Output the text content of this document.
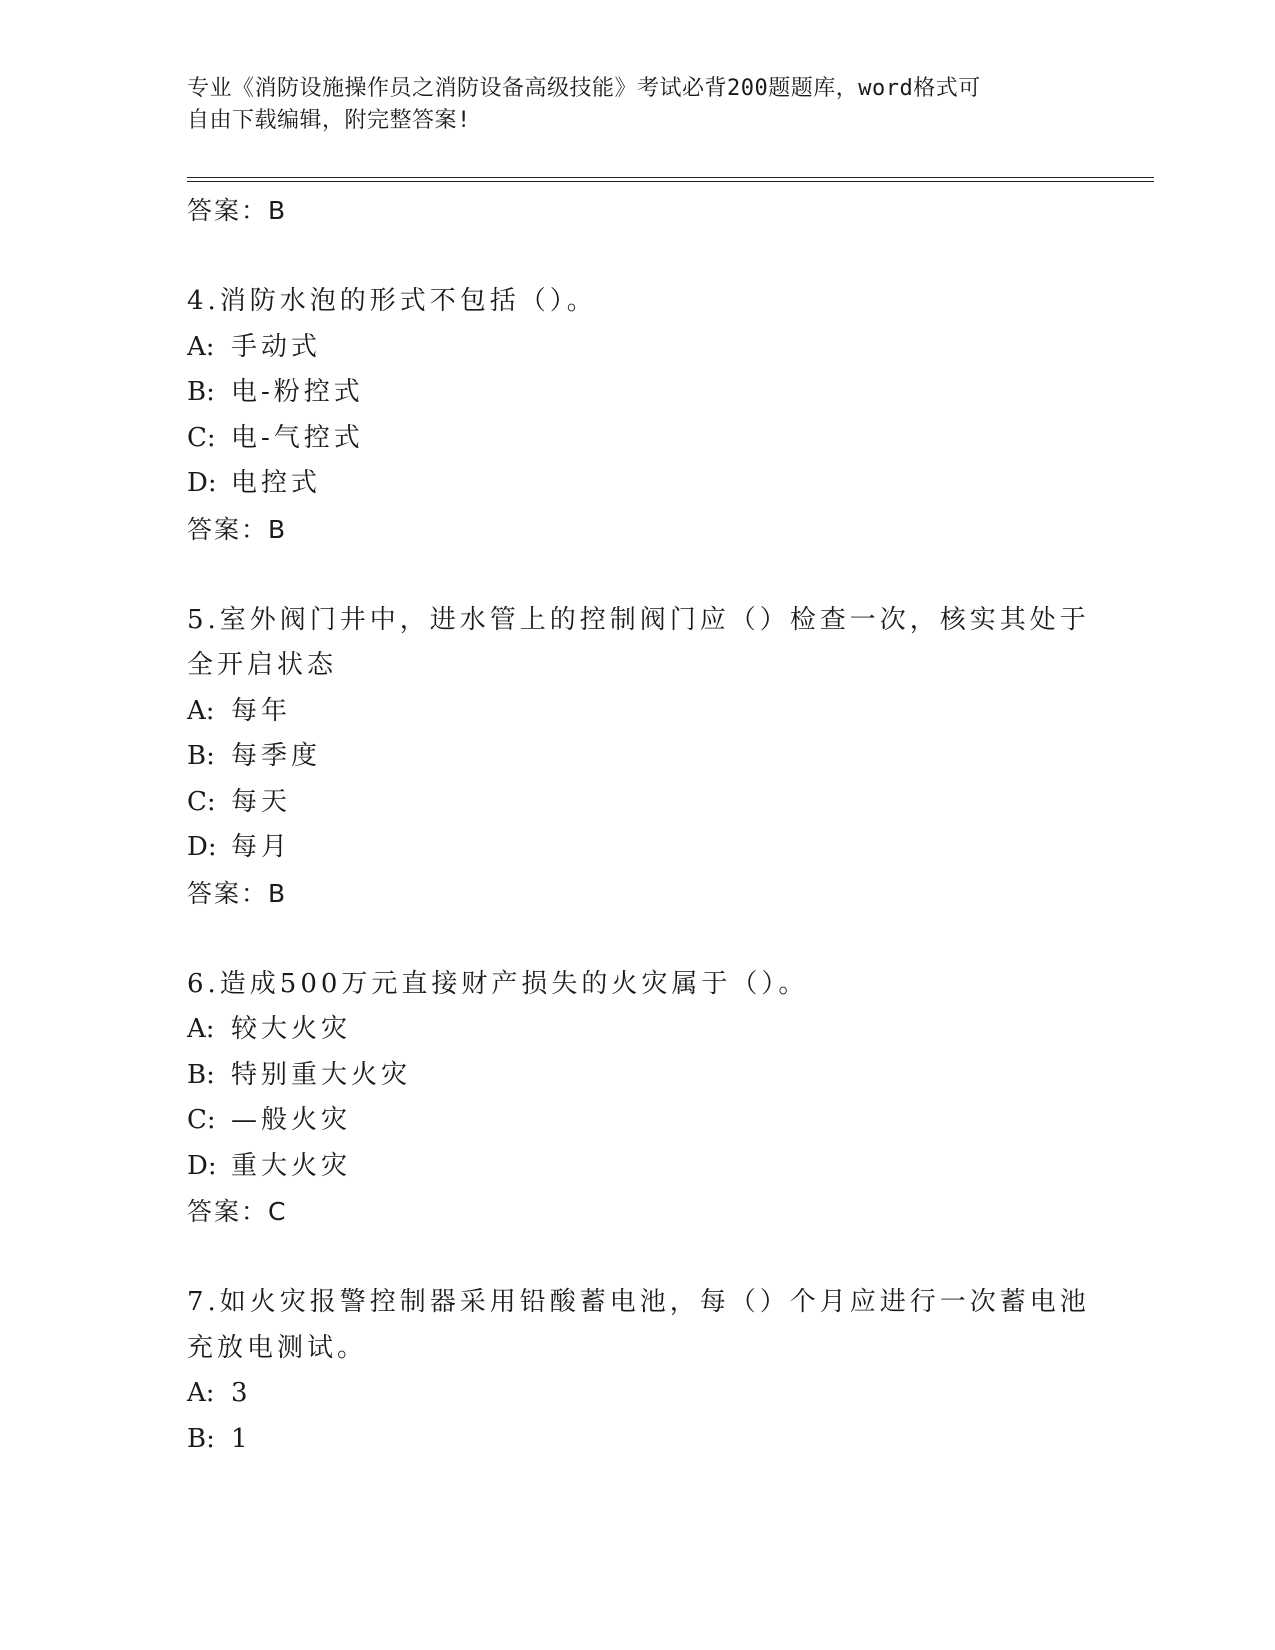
专业《消防设施操作员之消防设备高级技能》考试必背200题题库，word格式可
自由下载编辑，附完整答案!
答案：B
4.消防水泡的形式不包括（）。
A: 手动式
B: 电-粉控式
C: 电-气控式
D: 电控式
答案：B
5.室外阀门井中，进水管上的控制阀门应（）检查一次，核实其处于
全开启状态
A: 每年
B: 每季度
C: 每天
D: 每月
答案：B
6.造成500万元直接财产损失的火灾属于（）。
A: 较大火灾
B: 特别重大火灾
C: —般火灾
D: 重大火灾
答案：C
7.如火灾报警控制器采用铅酸蓄电池，每（）个月应进行一次蓄电池
充放电测试。
A: 3
B: 1
